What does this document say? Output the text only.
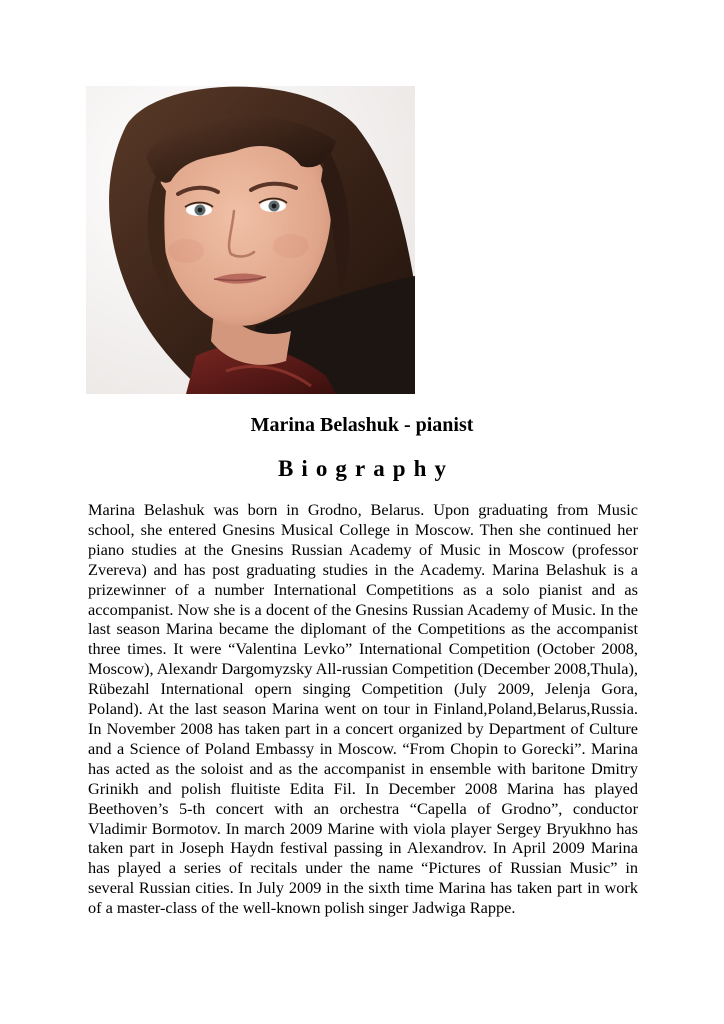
Marina Belashuk - pianist
Biography

Marina Belashuk was born in Grodno, Belarus. Upon graduating from Music school, she entered Gnesins Musical College in Moscow. Then she continued her piano studies at the Gnesins Russian Academy of Music in Moscow (professor Zvereva) and has post graduating studies in the Academy. Marina Belashuk is a prizewinner of a number International Competitions as a solo pianist and as accompanist. Now she is a docent of the Gnesins Russian Academy of Music. In the last season Marina became the diplomant of the Competitions as the accompanist three times. It were “Valentina Levko” International Competition (October 2008, Moscow), Alexandr Dargomyzsky All-russian Competition (December 2008,Thula), Rübezahl International opern singing Competition (July 2009, Jelenja Gora, Poland). At the last season Marina went on tour in Finland,Poland,Belarus,Russia. In November 2008 has taken part in a concert organized by Department of Culture and a Science of Poland Embassy in Moscow. “From Chopin to Gorecki”. Marina has acted as the soloist and as the accompanist in ensemble with baritone Dmitry Grinikh and polish fluitiste Edita Fil. In December 2008 Marina has played Beethoven’s 5-th concert with an orchestra “Capella of Grodno”, conductor Vladimir Bormotov. In march 2009 Marine with viola player Sergey Bryukhno has taken part in Joseph Haydn festival passing in Alexandrov. In April 2009 Marina has played a series of recitals under the name “Pictures of Russian Music” in several Russian cities. In July 2009 in the sixth time Marina has taken part in work of a master-class of the well-known polish singer Jadwiga Rappe.
